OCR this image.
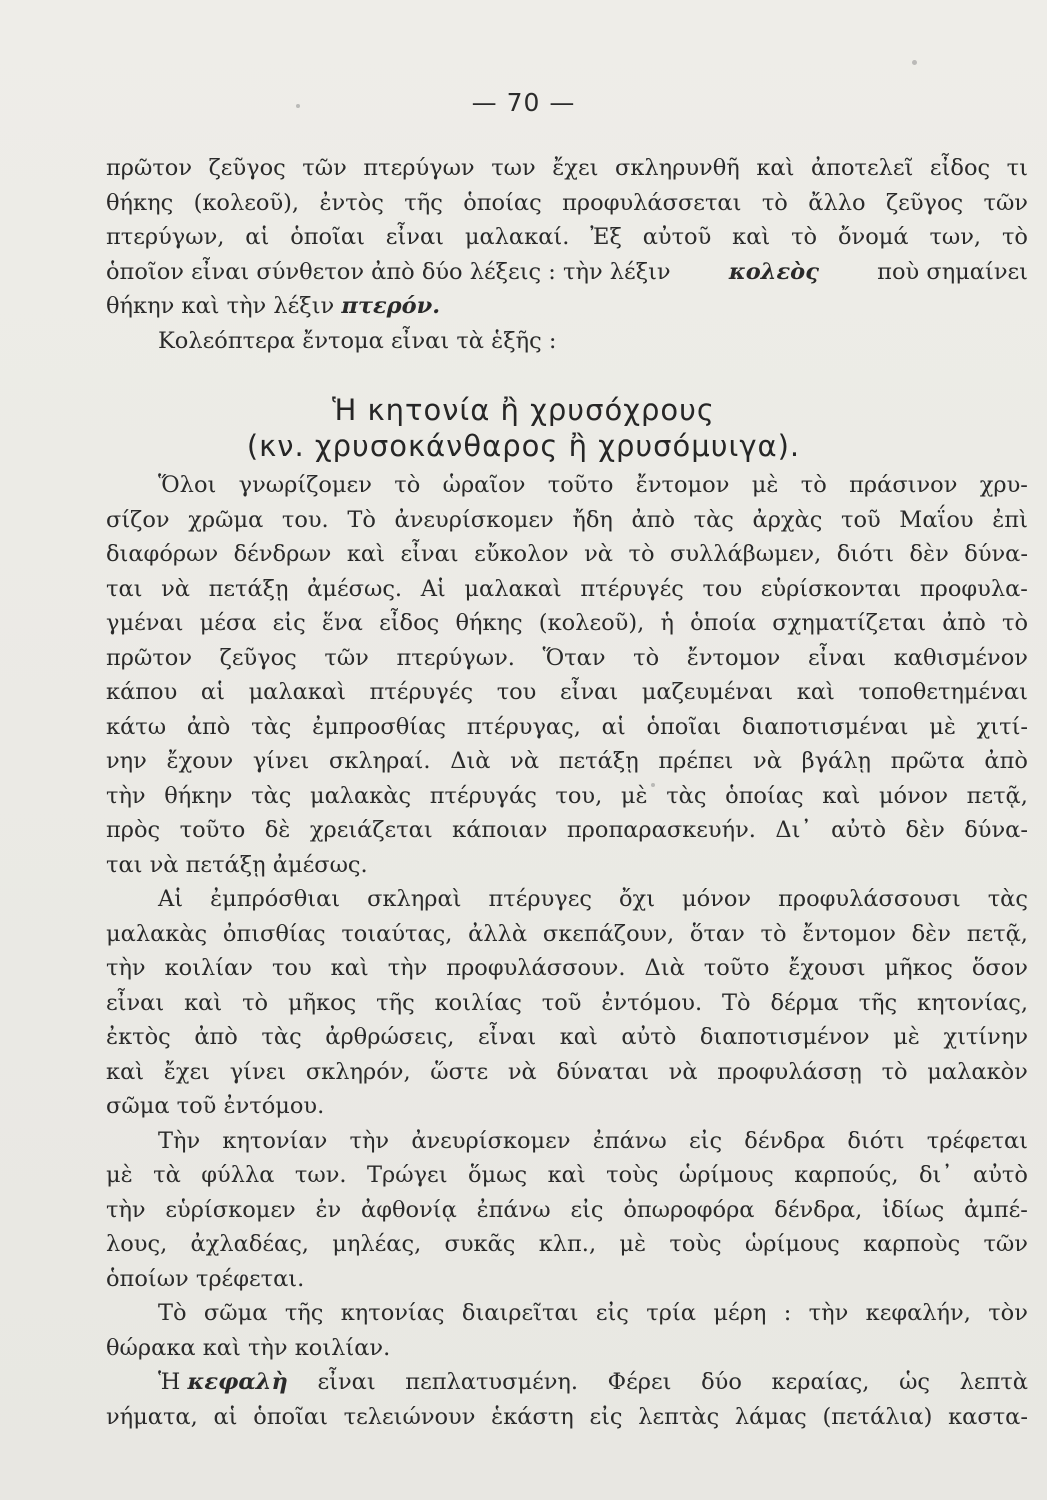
— 70 —
πρῶτον ζεῦγος τῶν πτερύγων των ἔχει σκληρυνθῆ καὶ ἀποτελεῖ εἶδος τι
θήκης (κολεοῦ), ἐντὸς τῆς ὁποίας προφυλάσσεται τὸ ἄλλο ζεῦγος τῶν
πτερύγων, αἱ ὁποῖαι εἶναι μαλακαί. Ἐξ αὐτοῦ καὶ τὸ ὄνομά των, τὸ
ὁποῖον εἶναι σύνθετον ἀπὸ δύο λέξεις : τὴν λέξιν	κολεὸς	ποὺ σημαίνει
θήκην καὶ τὴν λέξιν πτερόν .
Κολεόπτερα ἔντομα εἶναι τὰ ἑξῆς :
Ἡ κητονία ἢ χρυσόχρους
(κν. χρυσοκάνθαρος ἢ χρυσόμυιγα).
Ὅλοι γνωρίζομεν τὸ ὡραῖον τοῦτο ἔντομον μὲ τὸ πράσινον χρυ-
σίζον χρῶμα του. Τὸ ἀνευρίσκομεν ἤδη ἀπὸ τὰς ἀρχὰς τοῦ Μαΐου ἐπὶ
διαφόρων δένδρων καὶ εἶναι εὔκολον νὰ τὸ συλλάβωμεν, διότι δὲν δύνα-
ται νὰ πετάξῃ ἀμέσως. Αἱ μαλακαὶ πτέρυγές του εὑρίσκονται προφυλα-
γμέναι μέσα εἰς ἕνα εἶδος θήκης (κολεοῦ), ἡ ὁποία σχηματίζεται ἀπὸ τὸ
πρῶτον ζεῦγος τῶν πτερύγων. Ὅταν τὸ ἔντομον εἶναι καθισμένον
κάπου αἱ μαλακαὶ πτέρυγές του εἶναι μαζευμέναι καὶ τοποθετημέναι
κάτω ἀπὸ τὰς ἐμπροσθίας πτέρυγας, αἱ ὁποῖαι διαποτισμέναι μὲ χιτί-
νην ἔχουν γίνει σκληραί. Διὰ νὰ πετάξῃ πρέπει νὰ βγάλῃ πρῶτα ἀπὸ
τὴν θήκην τὰς μαλακὰς πτέρυγάς του, μὲ τὰς ὁποίας καὶ μόνον πετᾷ,
πρὸς τοῦτο δὲ χρειάζεται κάποιαν προπαρασκευήν. Δι᾽ αὐτὸ δὲν δύνα-
ται νὰ πετάξῃ ἀμέσως.
Αἱ ἐμπρόσθιαι σκληραὶ πτέρυγες ὄχι μόνον προφυλάσσουσι τὰς
μαλακὰς ὀπισθίας τοιαύτας, ἀλλὰ σκεπάζουν, ὅταν τὸ ἔντομον δὲν πετᾷ,
τὴν κοιλίαν του καὶ τὴν προφυλάσσουν. Διὰ τοῦτο ἔχουσι μῆκος ὅσον
εἶναι καὶ τὸ μῆκος τῆς κοιλίας τοῦ ἐντόμου. Τὸ δέρμα τῆς κητονίας,
ἐκτὸς ἀπὸ τὰς ἀρθρώσεις, εἶναι καὶ αὐτὸ διαποτισμένον μὲ χιτίνην
καὶ ἔχει γίνει σκληρόν, ὥστε νὰ δύναται νὰ προφυλάσσῃ τὸ μαλακὸν
σῶμα τοῦ ἐντόμου.
Τὴν κητονίαν τὴν ἀνευρίσκομεν ἐπάνω εἰς δένδρα διότι τρέφεται
μὲ τὰ φύλλα των. Τρώγει ὅμως καὶ τοὺς ὡρίμους καρπούς, δι᾽ αὐτὸ
τὴν εὑρίσκομεν ἐν ἀφθονίᾳ ἐπάνω εἰς ὀπωροφόρα δένδρα, ἰδίως ἀμπέ-
λους, ἀχλαδέας, μηλέας, συκᾶς κλπ., μὲ τοὺς ὡρίμους καρποὺς τῶν
ὁποίων τρέφεται.
Τὸ σῶμα τῆς κητονίας διαιρεῖται εἰς τρία μέρη : τὴν κεφαλήν, τὸν
θώρακα καὶ τὴν κοιλίαν.
Ἡ κεφαλὴ εἶναι πεπλατυσμένη. Φέρει δύο κεραίας, ὡς λεπτὰ
νήματα, αἱ ὁποῖαι τελειώνουν ἑκάστη εἰς λεπτὰς λάμας (πετάλια) καστα-
